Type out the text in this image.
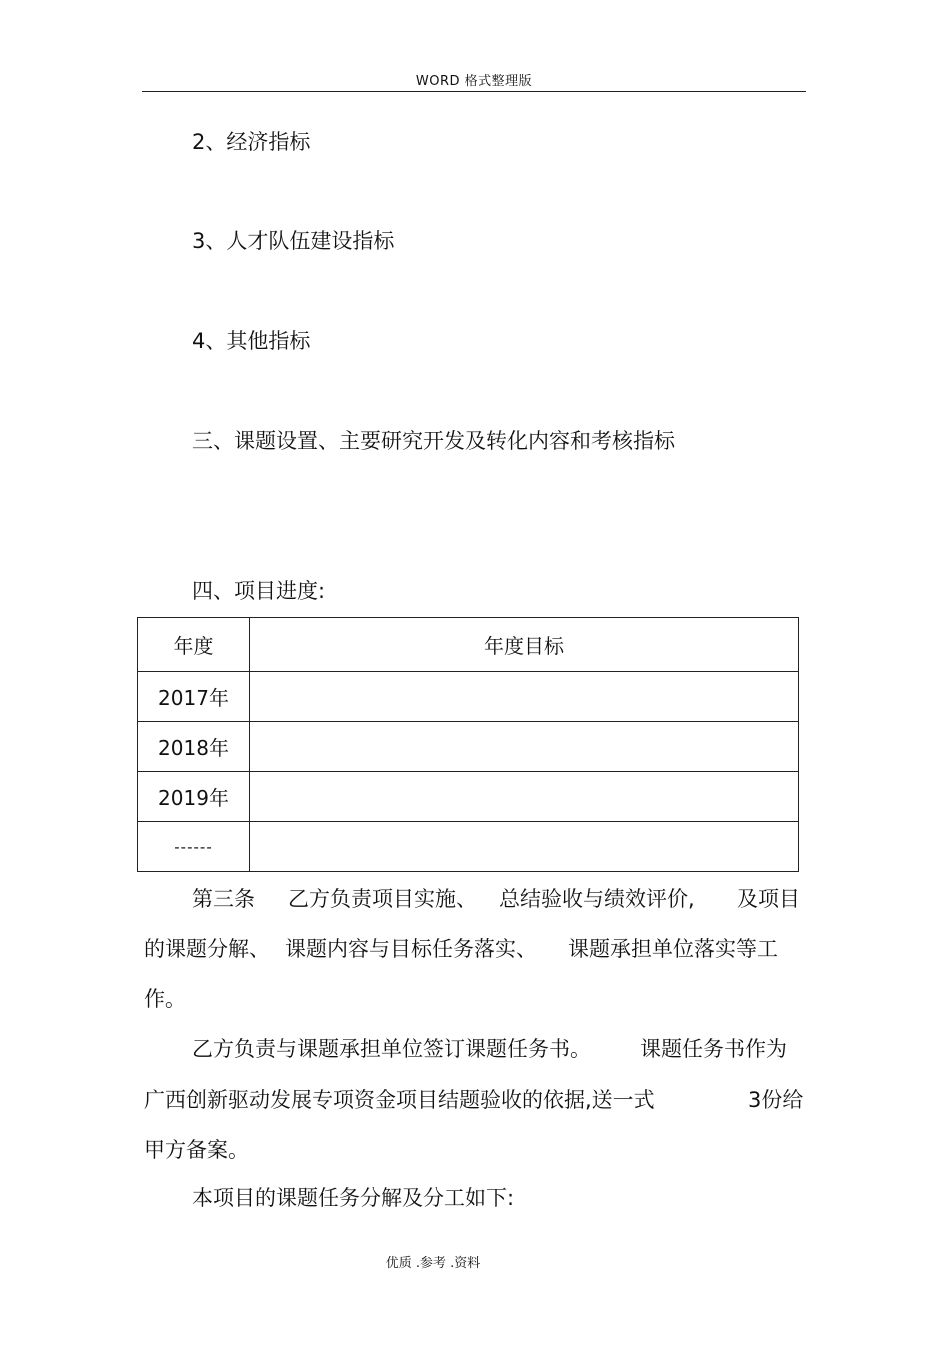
WORD 格式整理版
2、经济指标
3、人才队伍建设指标
4、其他指标
三、课题设置、主要研究开发及转化内容和考核指标
四、项目进度:
年度	年度目标
2017年	
2018年	
2019年	
------	
第三条 乙方负责项目实施、 总结验收与绩效评价, 及项目
的课题分解、 课题内容与目标任务落实、 课题承担单位落实等工
作。
乙方负责与课题承担单位签订课题任务书。 课题任务书作为
广西创新驱动发展专项资金项目结题验收的依据,送一式	3份给
甲方备案。
本项目的课题任务分解及分工如下:
优质 .参考 .资料
